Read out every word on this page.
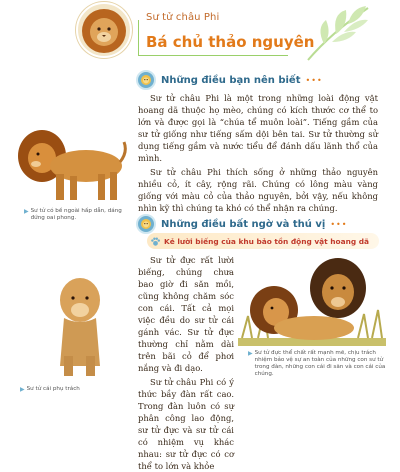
Sư tử châu Phi
Bá chủ thảo nguyên
Những điều bạn nên biết •••

Sư tử châu Phi là một trong những loài động vật hoang dã thuộc họ mèo, chúng có kích thước cơ thể to lớn và được gọi là “chúa tể muôn loài”. Tiếng gầm của sư tử giống như tiếng sấm dội bên tai. Sư tử thường sử dụng tiếng gầm và nước tiểu để đánh dấu lãnh thổ của mình.

Sư tử châu Phi thích sống ở những thảo nguyên nhiều cỏ, ít cây, rộng rãi. Chúng có lông màu vàng giống với màu cỏ của thảo nguyên, bởi vậy, nếu không nhìn kỹ thì chúng ta khó có thể nhận ra chúng.

▶ Sư tử có bề ngoài hấp dẫn, dáng đứng oai phong.
Những điều bất ngờ và thú vị •••
Kẻ lười biếng của khu bảo tồn động vật hoang dã

Sư tử đực rất lười biếng, chúng chưa bao giờ đi săn mồi, cũng không chăm sóc con cái. Tất cả mọi việc đều do sư tử cái gánh vác. Sư tử đực thường chỉ nằm dài trên bãi cỏ để phơi nắng và đi dạo.

Sư tử châu Phi có ý thức bầy đàn rất cao. Trong đàn luôn có sự phân công lao động, sư tử đực và sư tử cái có nhiệm vụ khác nhau: sư tử đực có cơ thể to lớn và khỏe

▶ Sư tử cái phụ trách
▶ Sư tử đực thể chất rất mạnh mẽ, chịu trách nhiệm bảo vệ sự an toàn của những con sư tử trong đàn, những con cái đi săn và con cái của chúng.
